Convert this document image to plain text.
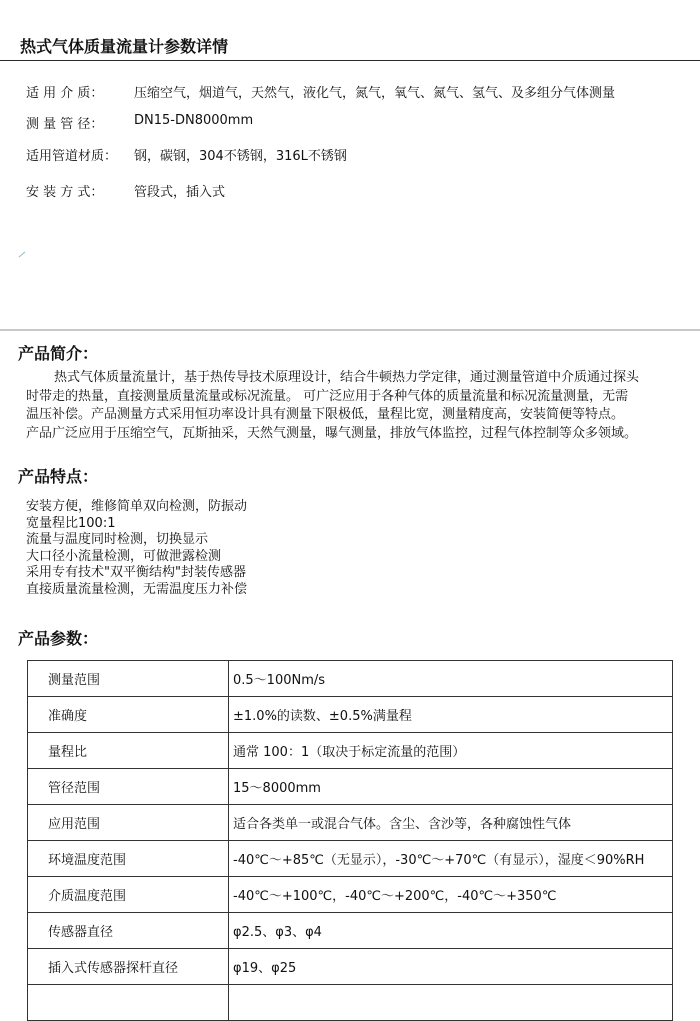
热式气体质量流量计参数详情
适 用 介 质：	压缩空气，烟道气，天然气，液化气，氮气，氧气、氮气、氢气、及多组分气体测量
测 量 管 径：	DN15-DN8000mm
适用管道材质：	钢，碳钢，304不锈钢，316L不锈钢
安 装 方 式：	管段式，插入式
产品简介：
热式气体质量流量计，基于热传导技术原理设计，结合牛顿热力学定律，通过测量管道中介质通过探头
时带走的热量，直接测量质量流量或标况流量。 可广泛应用于各种气体的质量流量和标况流量测量，无需
温压补偿。产品测量方式采用恒功率设计具有测量下限极低，量程比宽，测量精度高，安装简便等特点。
产品广泛应用于压缩空气，瓦斯抽采，天然气测量，曝气测量，排放气体监控，过程气体控制等众多领域。
产品特点：
安装方便，维修简单双向检测，防振动
宽量程比100:1
流量与温度同时检测，切换显示
大口径小流量检测，可做泄露检测
采用专有技术"双平衡结构"封装传感器
直接质量流量检测，无需温度压力补偿
产品参数：
测量范围	0.5～100Nm/s
准确度	±1.0%的读数、±0.5%满量程
量程比	通常 100：1（取决于标定流量的范围）
管径范围	15～8000mm
应用范围	适合各类单一或混合气体。含尘、含沙等，各种腐蚀性气体
环境温度范围	-40℃～+85℃（无显示），-30℃～+70℃（有显示），湿度＜90%RH
介质温度范围	-40℃～+100℃，-40℃～+200℃，-40℃～+350℃
传感器直径	φ2.5、φ3、φ4
插入式传感器探杆直径	φ19、φ25
